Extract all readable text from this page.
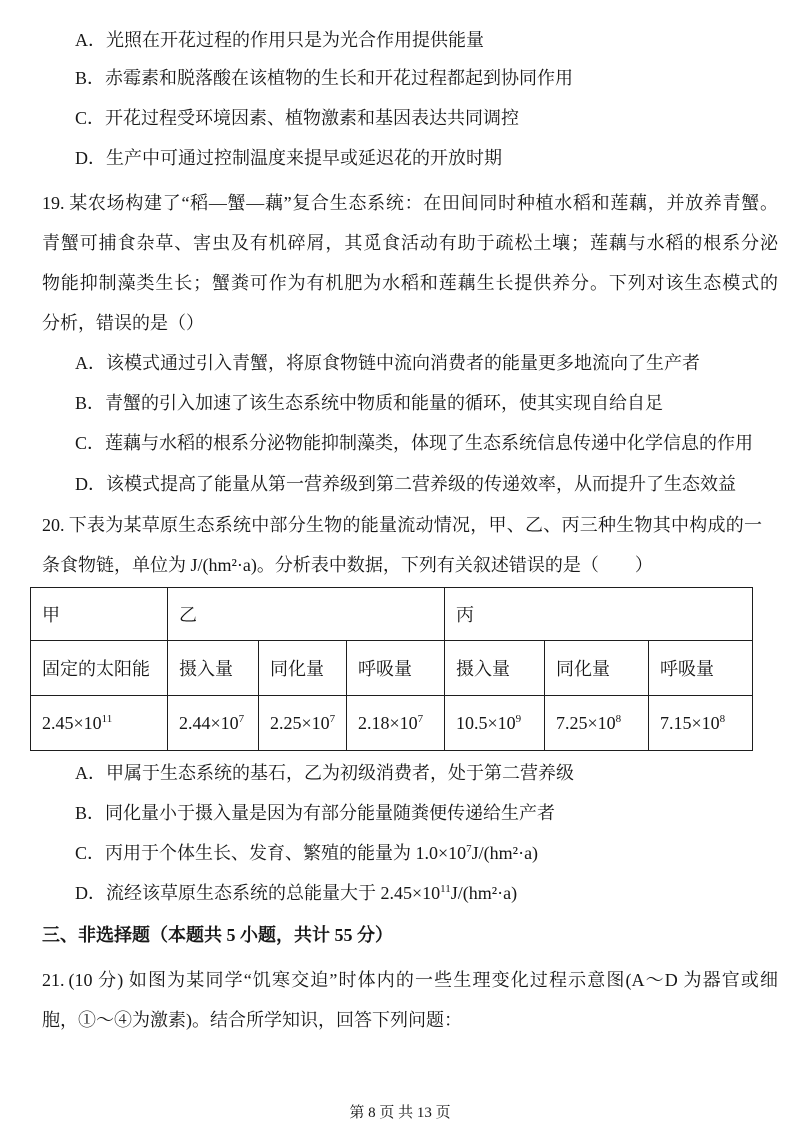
A．光照在开花过程的作用只是为光合作用提供能量
B．赤霉素和脱落酸在该植物的生长和开花过程都起到协同作用
C．开花过程受环境因素、植物激素和基因表达共同调控
D．生产中可通过控制温度来提早或延迟花的开放时期
19. 某农场构建了“稻—蟹—藕”复合生态系统：在田间同时种植水稻和莲藕，并放养青蟹。
青蟹可捕食杂草、害虫及有机碎屑，其觅食活动有助于疏松土壤；莲藕与水稻的根系分泌
物能抑制藻类生长；蟹粪可作为有机肥为水稻和莲藕生长提供养分。下列对该生态模式的
分析，错误的是（）
A．该模式通过引入青蟹，将原食物链中流向消费者的能量更多地流向了生产者
B．青蟹的引入加速了该生态系统中物质和能量的循环，使其实现自给自足
C．莲藕与水稻的根系分泌物能抑制藻类，体现了生态系统信息传递中化学信息的作用
D．该模式提高了能量从第一营养级到第二营养级的传递效率，从而提升了生态效益
20. 下表为某草原生态系统中部分生物的能量流动情况，甲、乙、丙三种生物其中构成的一
条食物链，单位为 J/(hm²·a)。分析表中数据，下列有关叙述错误的是（　　）
甲	乙			丙		
固定的太阳能	摄入量	同化量	呼吸量	摄入量	同化量	呼吸量
$2.45\times 10^{11}$	$2.44\times 10^7$	$2.25\times 10^7$	$2.18\times 10^7$	$10.5\times 10^9$	$7.25\times 10^8$	$7.15\times 10^8$
A．甲属于生态系统的基石，乙为初级消费者，处于第二营养级
B．同化量小于摄入量是因为有部分能量随粪便传递给生产者
C．丙用于个体生长、发育、繁殖的能量为 $1.0\times 10^7J/(hm^2\cdot a)$
D．流经该草原生态系统的总能量大于 $2.45\times 10^{11}J/(hm^2\cdot a)$
三、非选择题（本题共 5 小题，共计 55 分）
21. (10 分) 如图为某同学“饥寒交迫”时体内的一些生理变化过程示意图(A～D 为器官或细
胞，①～④为激素)。结合所学知识，回答下列问题：
第 8 页 共 13 页
